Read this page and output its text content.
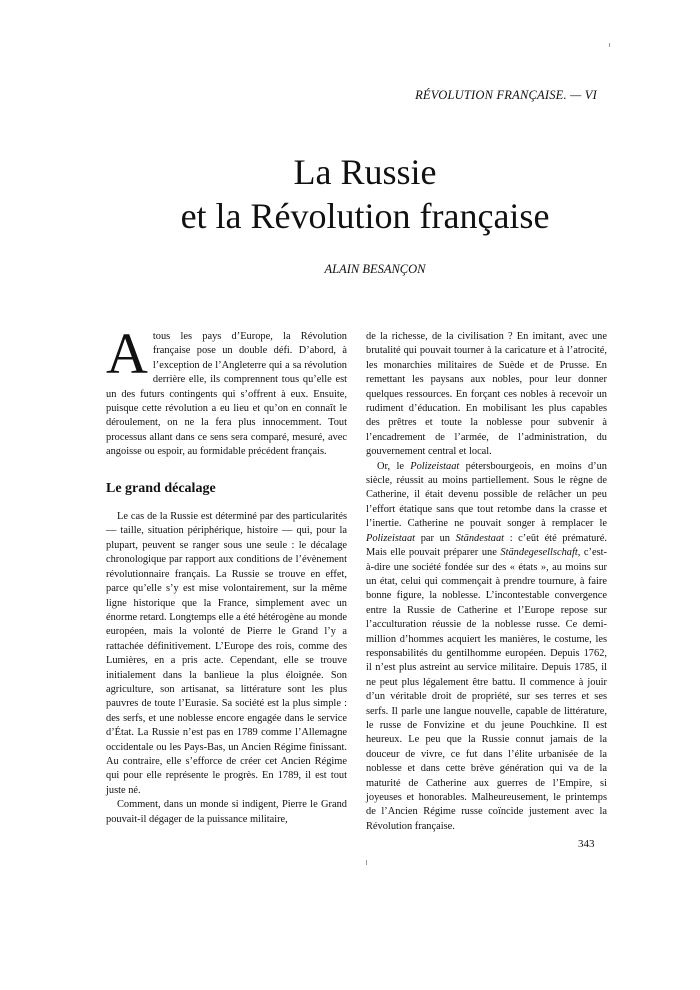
RÉVOLUTION FRANÇAISE. — VI
La Russie
et la Révolution française
ALAIN BESANÇON

Atous les pays d’Europe, la Révolution française pose un double défi. D’abord, à l’exception de l’Angleterre qui a sa révolution derrière elle, ils comprennent tous qu’elle est un des futurs contingents qui s’offrent à eux. Ensuite, puisque cette révolution a eu lieu et qu’on en connaît le déroulement, on ne la fera plus innocemment. Tout processus allant dans ce sens sera comparé, mesuré, avec angoisse ou espoir, au formidable précédent français.

Le grand décalage

Le cas de la Russie est déterminé par des particularités — taille, situation périphérique, histoire — qui, pour la plupart, peuvent se ranger sous une seule : le décalage chronologique par rapport aux conditions de l’évènement révolutionnaire français. La Russie se trouve en effet, parce qu’elle s’y est mise volontairement, sur la même ligne historique que la France, simplement avec un énorme retard. Longtemps elle a été hétérogène au monde européen, mais la volonté de Pierre le Grand l’y a rattachée définitivement. L’Europe des rois, comme des Lumières, en a pris acte. Cependant, elle se trouve initialement dans la banlieue la plus éloignée. Son agriculture, son artisanat, sa littérature sont les plus pauvres de toute l’Eurasie. Sa société est la plus simple : des serfs, et une noblesse encore engagée dans le service d’État. La Russie n’est pas en 1789 comme l’Allemagne occidentale ou les Pays-Bas, un Ancien Régime finissant. Au contraire, elle s’efforce de créer cet Ancien Régime qui pour elle représente le progrès. En 1789, il est tout juste né.

Comment, dans un monde si indigent, Pierre le Grand pouvait-il dégager de la puissance militaire,

de la richesse, de la civilisation ? En imitant, avec une brutalité qui pouvait tourner à la caricature et à l’atrocité, les monarchies militaires de Suède et de Prusse. En remettant les paysans aux nobles, pour leur donner quelques ressources. En forçant ces nobles à recevoir un rudiment d’éducation. En mobilisant les plus capables des prêtres et toute la noblesse pour subvenir à l’encadrement de l’armée, de l’administration, du gouvernement central et local.

Or, le Polizeistaat pétersbourgeois, en moins d’un siècle, réussit au moins partiellement. Sous le règne de Catherine, il était devenu possible de relâcher un peu l’effort étatique sans que tout retombe dans la crasse et l’inertie. Catherine ne pouvait songer à remplacer le Polizeistaat par un Ständestaat : c’eût été prématuré. Mais elle pouvait préparer une Ständegesellschaft, c’est-à-dire une société fondée sur des « états », au moins sur un état, celui qui commençait à prendre tournure, à faire bonne figure, la noblesse. L’incontestable convergence entre la Russie de Catherine et l’Europe repose sur l’acculturation réussie de la noblesse russe. Ce demi-million d’hommes acquiert les manières, le costume, les responsabilités du gentilhomme européen. Depuis 1762, il n’est plus astreint au service militaire. Depuis 1785, il ne peut plus légalement être battu. Il commence à jouir d’un véritable droit de propriété, sur ses terres et ses serfs. Il parle une langue nouvelle, capable de littérature, le russe de Fonvizine et du jeune Pouchkine. Il est heureux. Le peu que la Russie connut jamais de la douceur de vivre, ce fut dans l’élite urbanisée de la noblesse et dans cette brève génération qui va de la maturité de Catherine aux guerres de l’Empire, si joyeuses et honorables. Malheureusement, le printemps de l’Ancien Régime russe coïncide justement avec la Révolution française.

343
